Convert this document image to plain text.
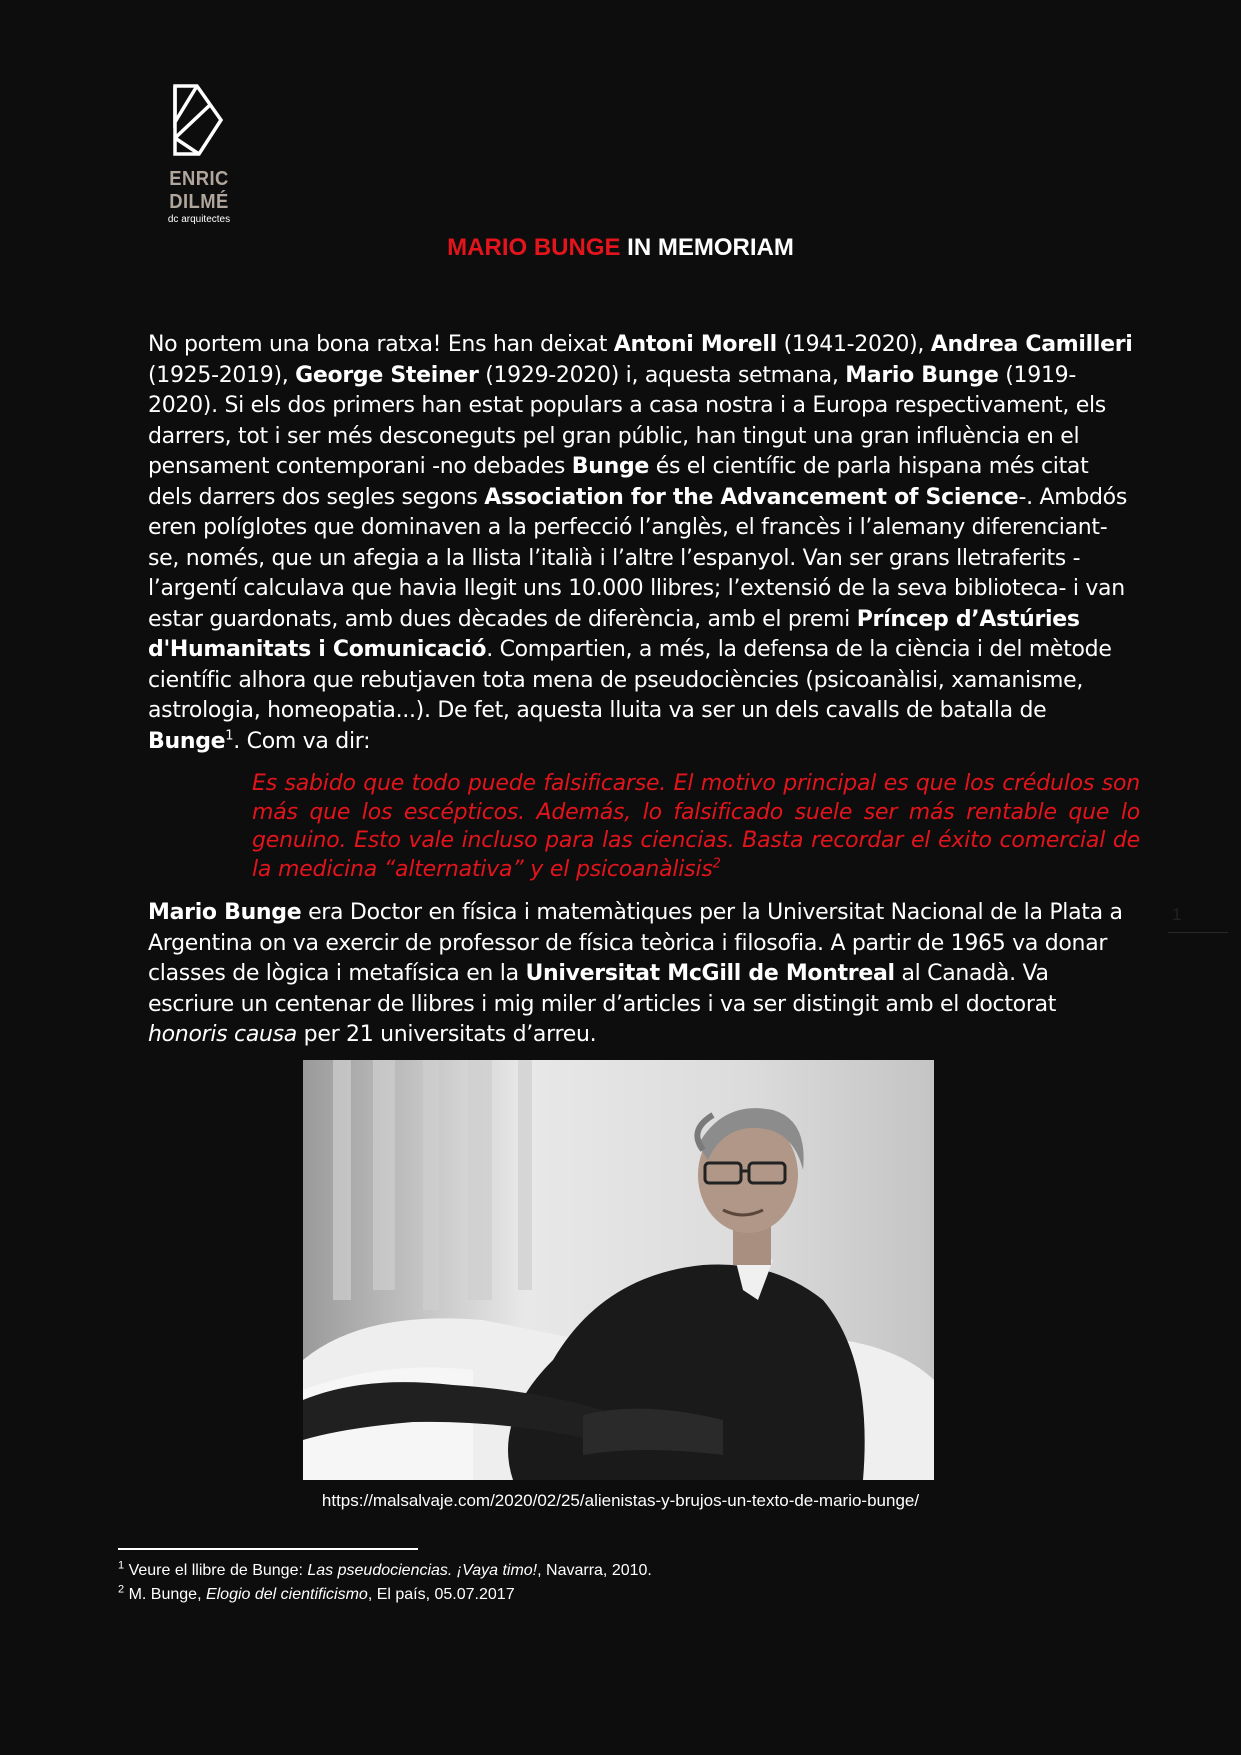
ENRIC DILMÉ
dc arquitectes
MARIO BUNGE IN MEMORIAM

No portem una bona ratxa! Ens han deixat Antoni Morell (1941-2020), Andrea Camilleri (1925-2019), George Steiner (1929-2020) i, aquesta setmana, Mario Bunge (1919- 2020). Si els dos primers han estat populars a casa nostra i a Europa respectivament, els darrers, tot i ser més desconeguts pel gran públic, han tingut una gran influència en el pensament contemporani -no debades Bunge és el científic de parla hispana més citat dels darrers dos segles segons Association for the Advancement of Science-. Ambdós eren políglotes que dominaven a la perfecció l’anglès, el francès i l’alemany diferenciant-se, només, que un afegia a la llista l’italià i l’altre l’espanyol. Van ser grans lletraferits -l’argentí calculava que havia llegit uns 10.000 llibres; l’extensió de la seva biblioteca- i van estar guardonats, amb dues dècades de diferència, amb el premi Príncep d’Astúries d'Humanitats i Comunicació. Compartien, a més, la defensa de la ciència i del mètode científic alhora que rebutjaven tota mena de pseudociències (psicoanàlisi, xamanisme, astrologia, homeopatia...). De fet, aquesta lluita va ser un dels cavalls de batalla de Bunge$^1$. Com va dir:

Es sabido que todo puede falsificarse. El motivo principal es que los crédulos son más que los escépticos. Además, lo falsificado suele ser más rentable que lo genuino. Esto vale incluso para las ciencias. Basta recordar el éxito comercial de la medicina “alternativa” y el psicoanàlisis$^2$

Mario Bunge era Doctor en física i matemàtiques per la Universitat Nacional de la Plata a Argentina on va exercir de professor de física teòrica i filosofia. A partir de 1965 va donar classes de lògica i metafísica en la Universitat McGill de Montreal al Canadà. Va escriure un centenar de llibres i mig miler d’articles i va ser distingit amb el doctorat honoris causa per 21 universitats d’arreu.

1
https://malsalvaje.com/2020/02/25/alienistas-y-brujos-un-texto-de-mario-bunge/
$^1$ Veure el llibre de Bunge: Las pseudociencias. ¡Vaya timo!, Navarra, 2010.
$^2$ M. Bunge, Elogio del cientificismo, El país, 05.07.2017
